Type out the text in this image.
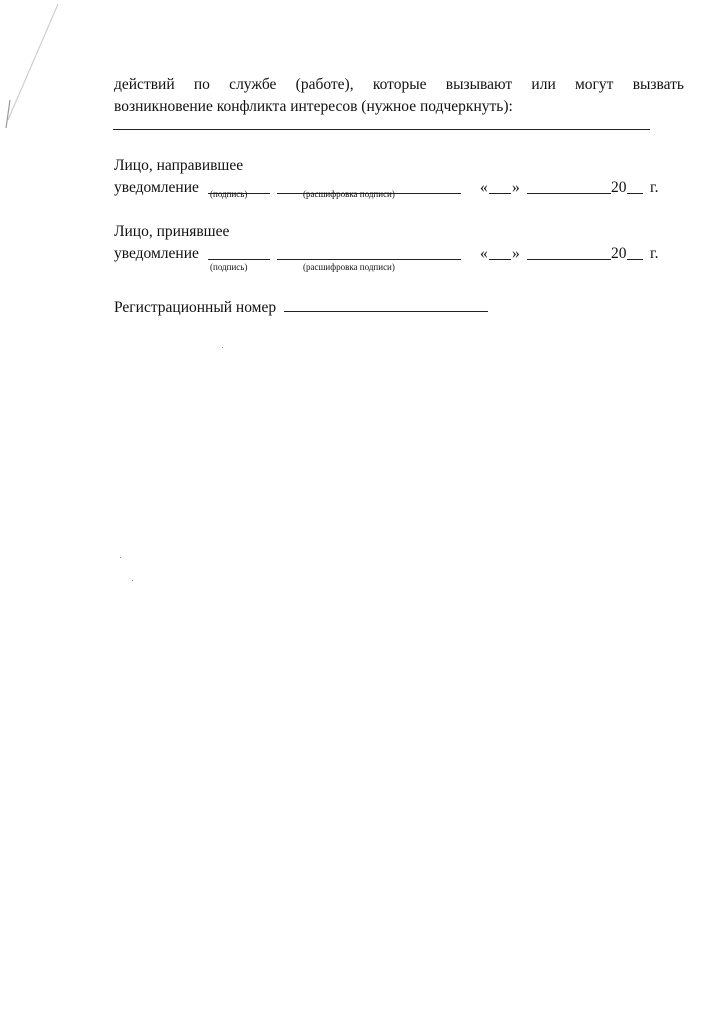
действий по службе (работе), которые вызывают или могут вызвать
возникновение конфликта интересов (нужное подчеркнуть):
Лицо, направившее
уведомление	« »	20 г.
(подпись)	(расшифровка подписи)
Лицо, принявшее
уведомление	« »	20 г.
(подпись)	(расшифровка подписи)
Регистрационный номер
